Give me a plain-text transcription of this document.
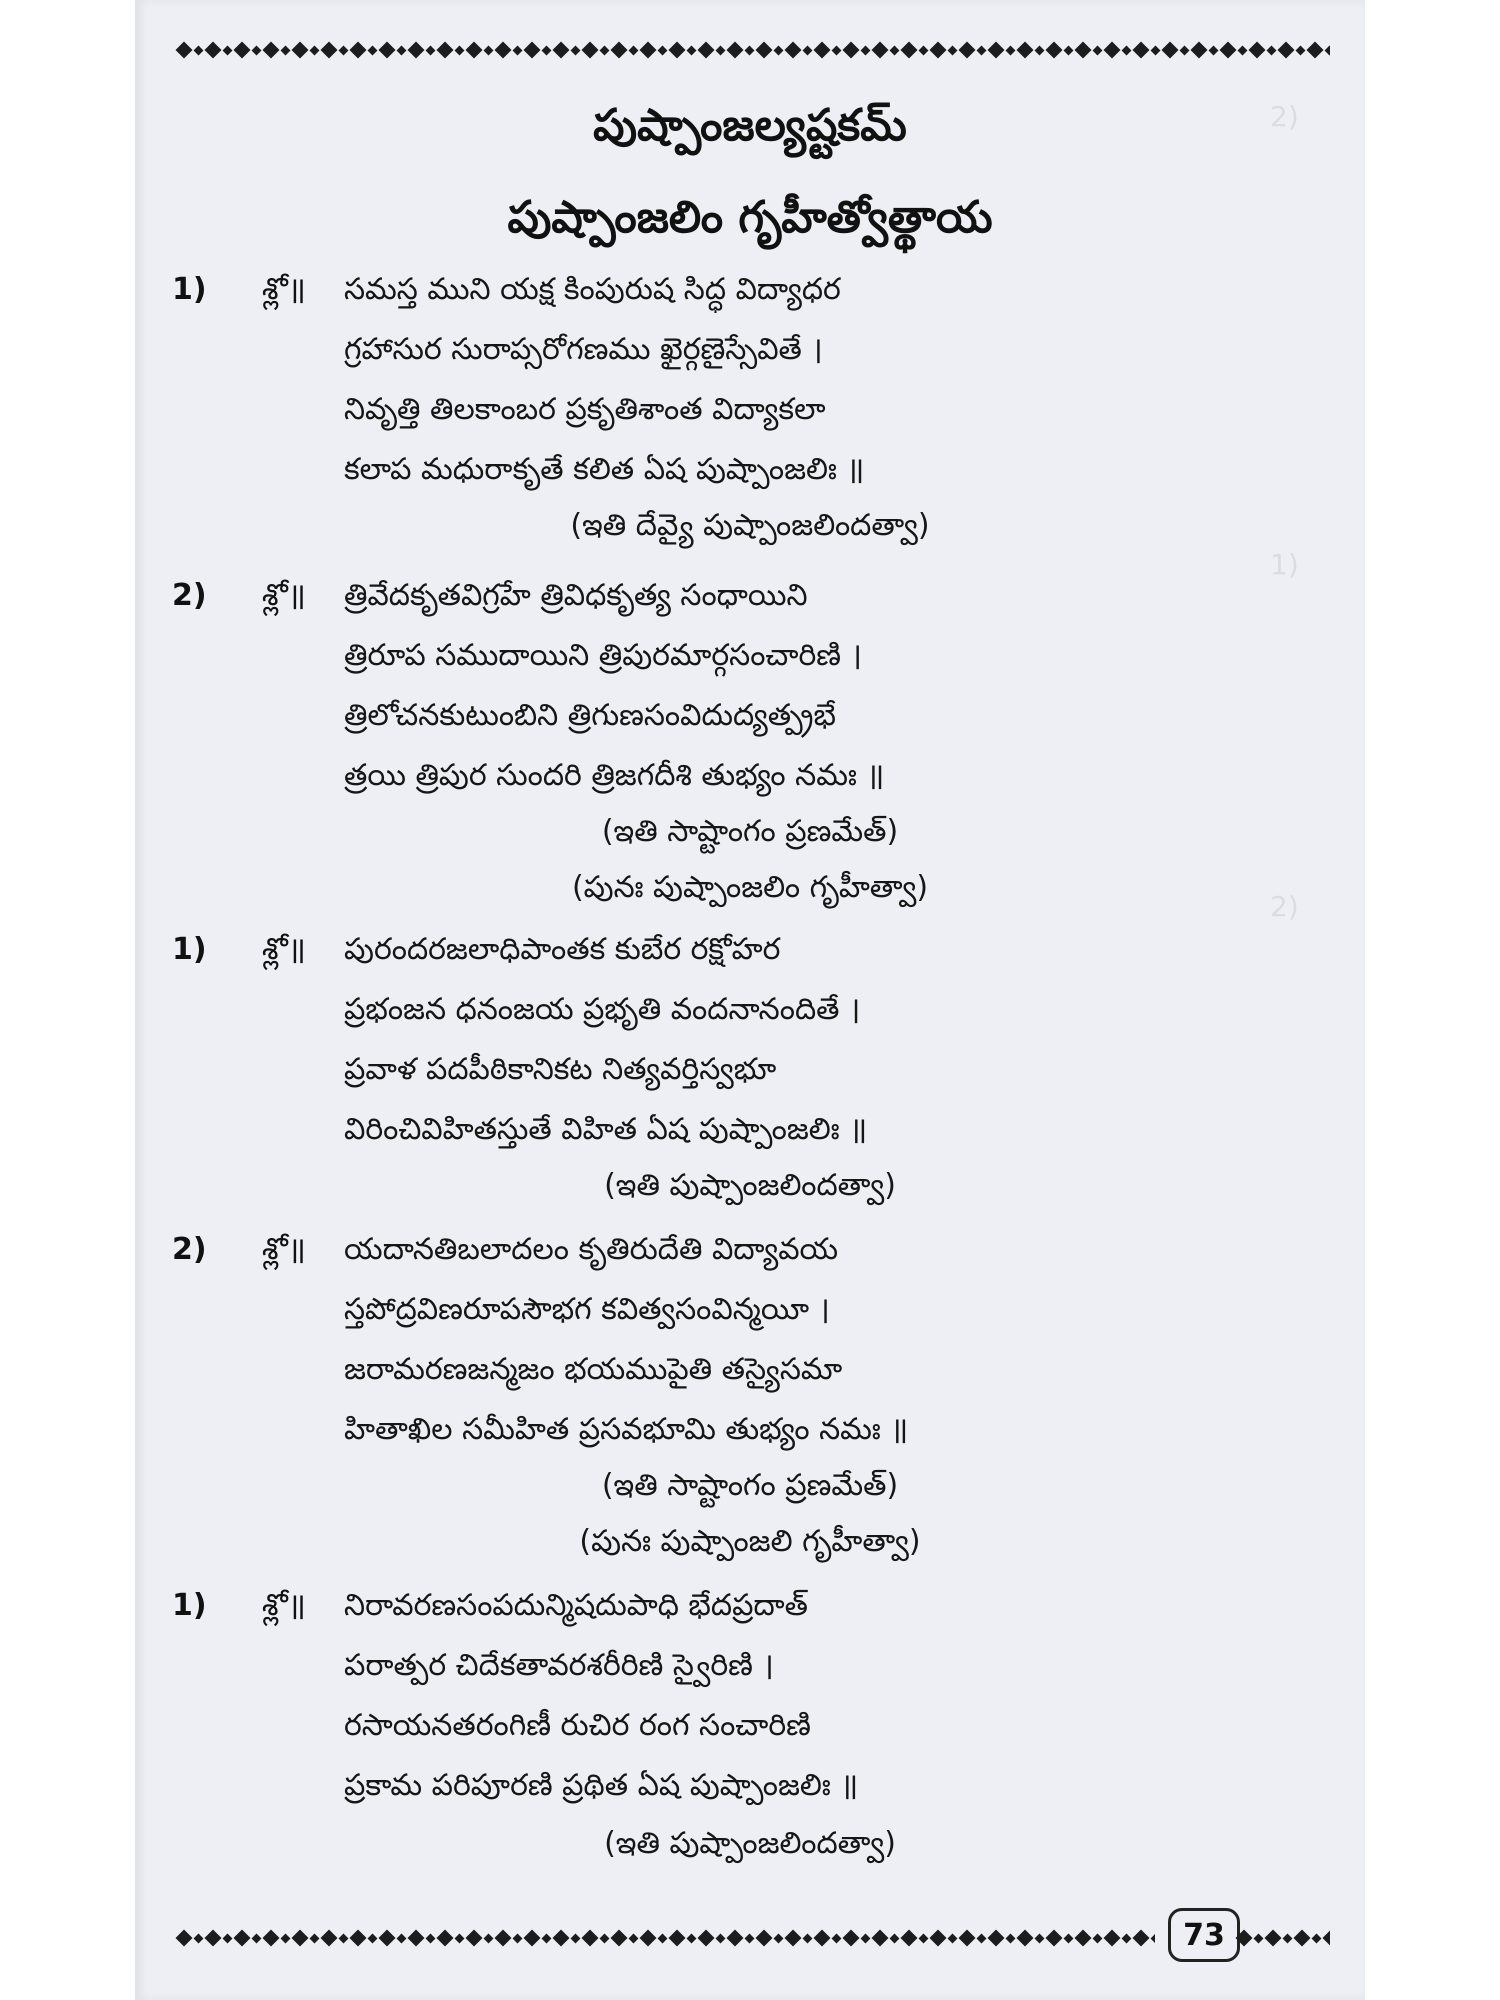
2)
1)
2)
పుష్పాంజల్యష్టకమ్
పుష్పాంజలిం గృహీత్వోత్థాయ
1) శ్లో॥ సమస్త ముని యక్ష కింపురుష సిద్ధ విద్యాధర
గ్రహాసుర సురాప్సరోగణము ఖైర్గణైస్సేవితే ।
నివృత్తి తిలకాంబర ప్రకృతిశాంత విద్యాకలా
కలాప మధురాకృతే కలిత ఏష పుష్పాంజలిః ॥
(ఇతి దేవ్యై పుష్పాంజలిందత్వా)
2) శ్లో॥ త్రివేదకృతవిగ్రహే త్రివిధకృత్య సంధాయిని
త్రిరూప సముదాయిని త్రిపురమార్గసంచారిణి ।
త్రిలోచనకుటుంబిని త్రిగుణసంవిదుద్యత్ప్రభే
త్రయి త్రిపుర సుందరి త్రిజగదీశి తుభ్యం నమః ॥
(ఇతి సాష్టాంగం ప్రణమేత్)
(పునః పుష్పాంజలిం గృహీత్వా)
1) శ్లో॥ పురందరజలాధిపాంతక కుబేర రక్షోహర
ప్రభంజన ధనంజయ ప్రభృతి వందనానందితే ।
ప్రవాళ పదపీఠికానికట నిత్యవర్తిస్వభూ
విరించివిహితస్తుతే విహిత ఏష పుష్పాంజలిః ॥
(ఇతి పుష్పాంజలిందత్వా)
2) శ్లో॥ యదానతిబలాదలం కృతిరుదేతి విద్యావయ
స్తపోద్రవిణరూపసౌభగ కవిత్వసంవిన్మయీ ।
జరామరణజన్మజం భయముపైతి తస్యైసమా
హితాఖిల సమీహిత ప్రసవభూమి తుభ్యం నమః ॥
(ఇతి సాష్టాంగం ప్రణమేత్)
(పునః పుష్పాంజలి గృహీత్వా)
1) శ్లో॥ నిరావరణసంపదున్మిషదుపాధి భేదప్రదాత్
పరాత్పర చిదేకతావరశరీరిణి స్వైరిణి ।
రసాయనతరంగిణీ రుచిర రంగ సంచారిణి
ప్రకామ పరిపూరణి ప్రథిత ఏష పుష్పాంజలిః ॥
(ఇతి పుష్పాంజలిందత్వా)
73
